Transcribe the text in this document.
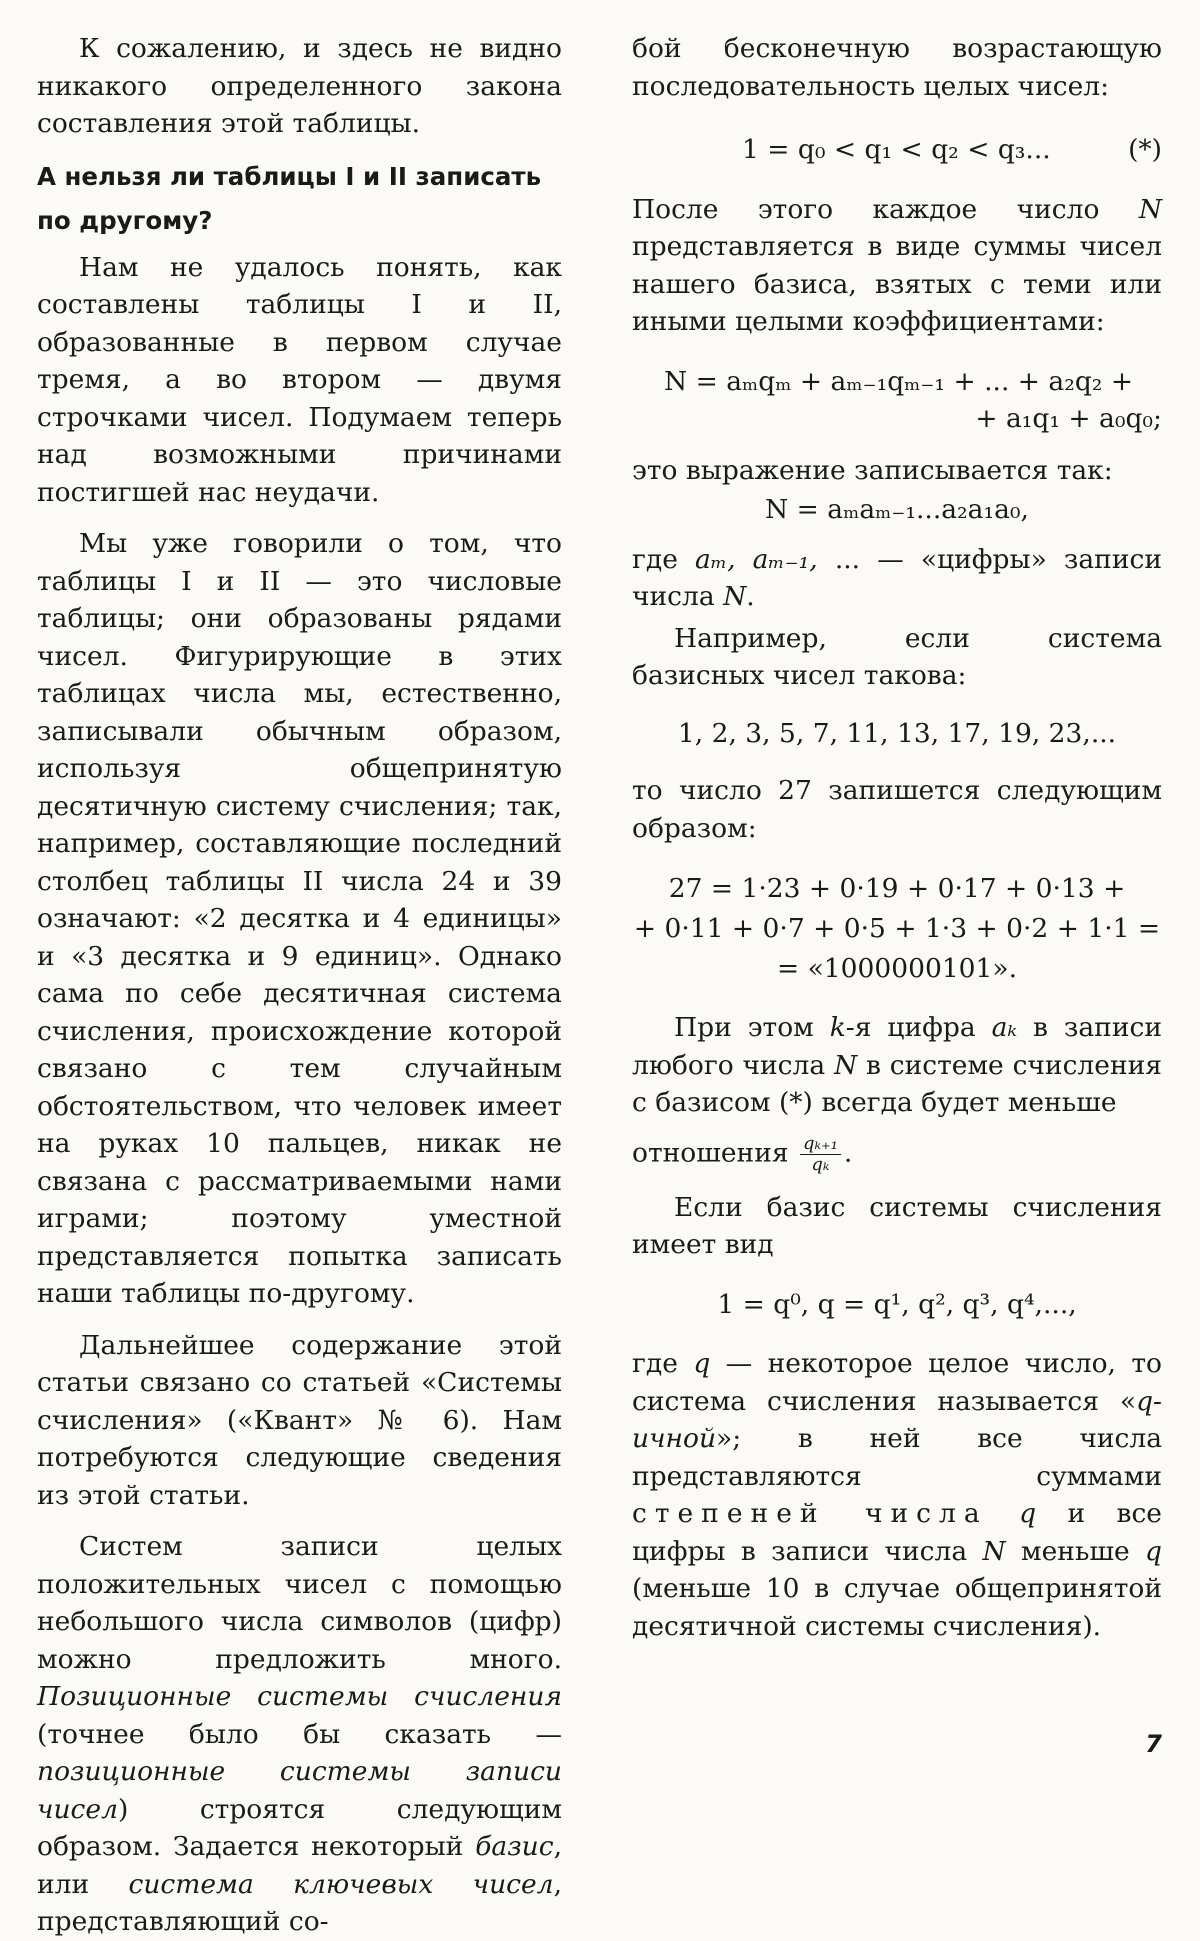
К сожалению, и здесь не видно никакого определенного закона составления этой таблицы.

А нельзя ли таблицы I и II записать по другому?

Нам не удалось понять, как составлены таблицы I и II, образованные в первом случае тремя, а во втором — двумя строчками чисел. Подумаем теперь над возможными причинами постигшей нас неудачи.

Мы уже говорили о том, что таблицы I и II — это числовые таблицы; они образованы рядами чисел. Фигурирующие в этих таблицах числа мы, естественно, записывали обычным образом, используя общепринятую десятичную систему счисления; так, например, составляющие последний столбец таблицы II числа 24 и 39 означают: «2 десятка и 4 единицы» и «3 десятка и 9 единиц». Однако сама по себе десятичная система счисления, происхождение которой связано с тем случайным обстоятельством, что человек имеет на руках 10 пальцев, никак не связана с рассматриваемыми нами играми; поэтому уместной представляется попытка записать наши таблицы по-другому.

Дальнейшее содержание этой статьи связано со статьей «Системы счисления» («Квант» № 6). Нам потребуются следующие сведения из этой статьи.

Систем записи целых положительных чисел с помощью небольшого числа символов (цифр) можно предложить много. Позиционные системы счисления (точнее было бы сказать — позиционные системы записи чисел) строятся следующим образом. Задается некоторый базис, или система ключевых чисел, представляющий со-

бой бесконечную возрастающую последовательность целых чисел:

1 = q₀ < q₁ < q₂ < q₃...	(*)

После этого каждое число N представляется в виде суммы чисел нашего базиса, взятых с теми или иными целыми коэффициентами:

N = aₘqₘ + aₘ₋₁qₘ₋₁ + ... + a₂q₂ +
+ a₁q₁ + a₀q₀;

это выражение записывается так:

N = aₘaₘ₋₁...a₂a₁a₀,

где aₘ, aₘ₋₁, ... — «цифры» записи числа N.

Например, если система базисных чисел такова:

1, 2, 3, 5, 7, 11, 13, 17, 19, 23,...

то число 27 запишется следующим образом:

27 = 1·23 + 0·19 + 0·17 + 0·13 +
+ 0·11 + 0·7 + 0·5 + 1·3 + 0·2 + 1·1 =
= «1000000101».

При этом k-я цифра aₖ в записи любого числа N в системе счисления с базисом (*) всегда будет меньше

отношения $\frac{\text{qₖ₊₁}}{\text{qₖ}}$ .

Если базис системы счисления имеет вид

1 = q⁰, q = q¹, q², q³, q⁴,...,

где q — некоторое целое число, то система счисления называется «q-ичной»; в ней все числа представляются суммами степеней числа q и все цифры в записи числа N меньше q (меньше 10 в случае общепринятой десятичной системы счисления).

7
